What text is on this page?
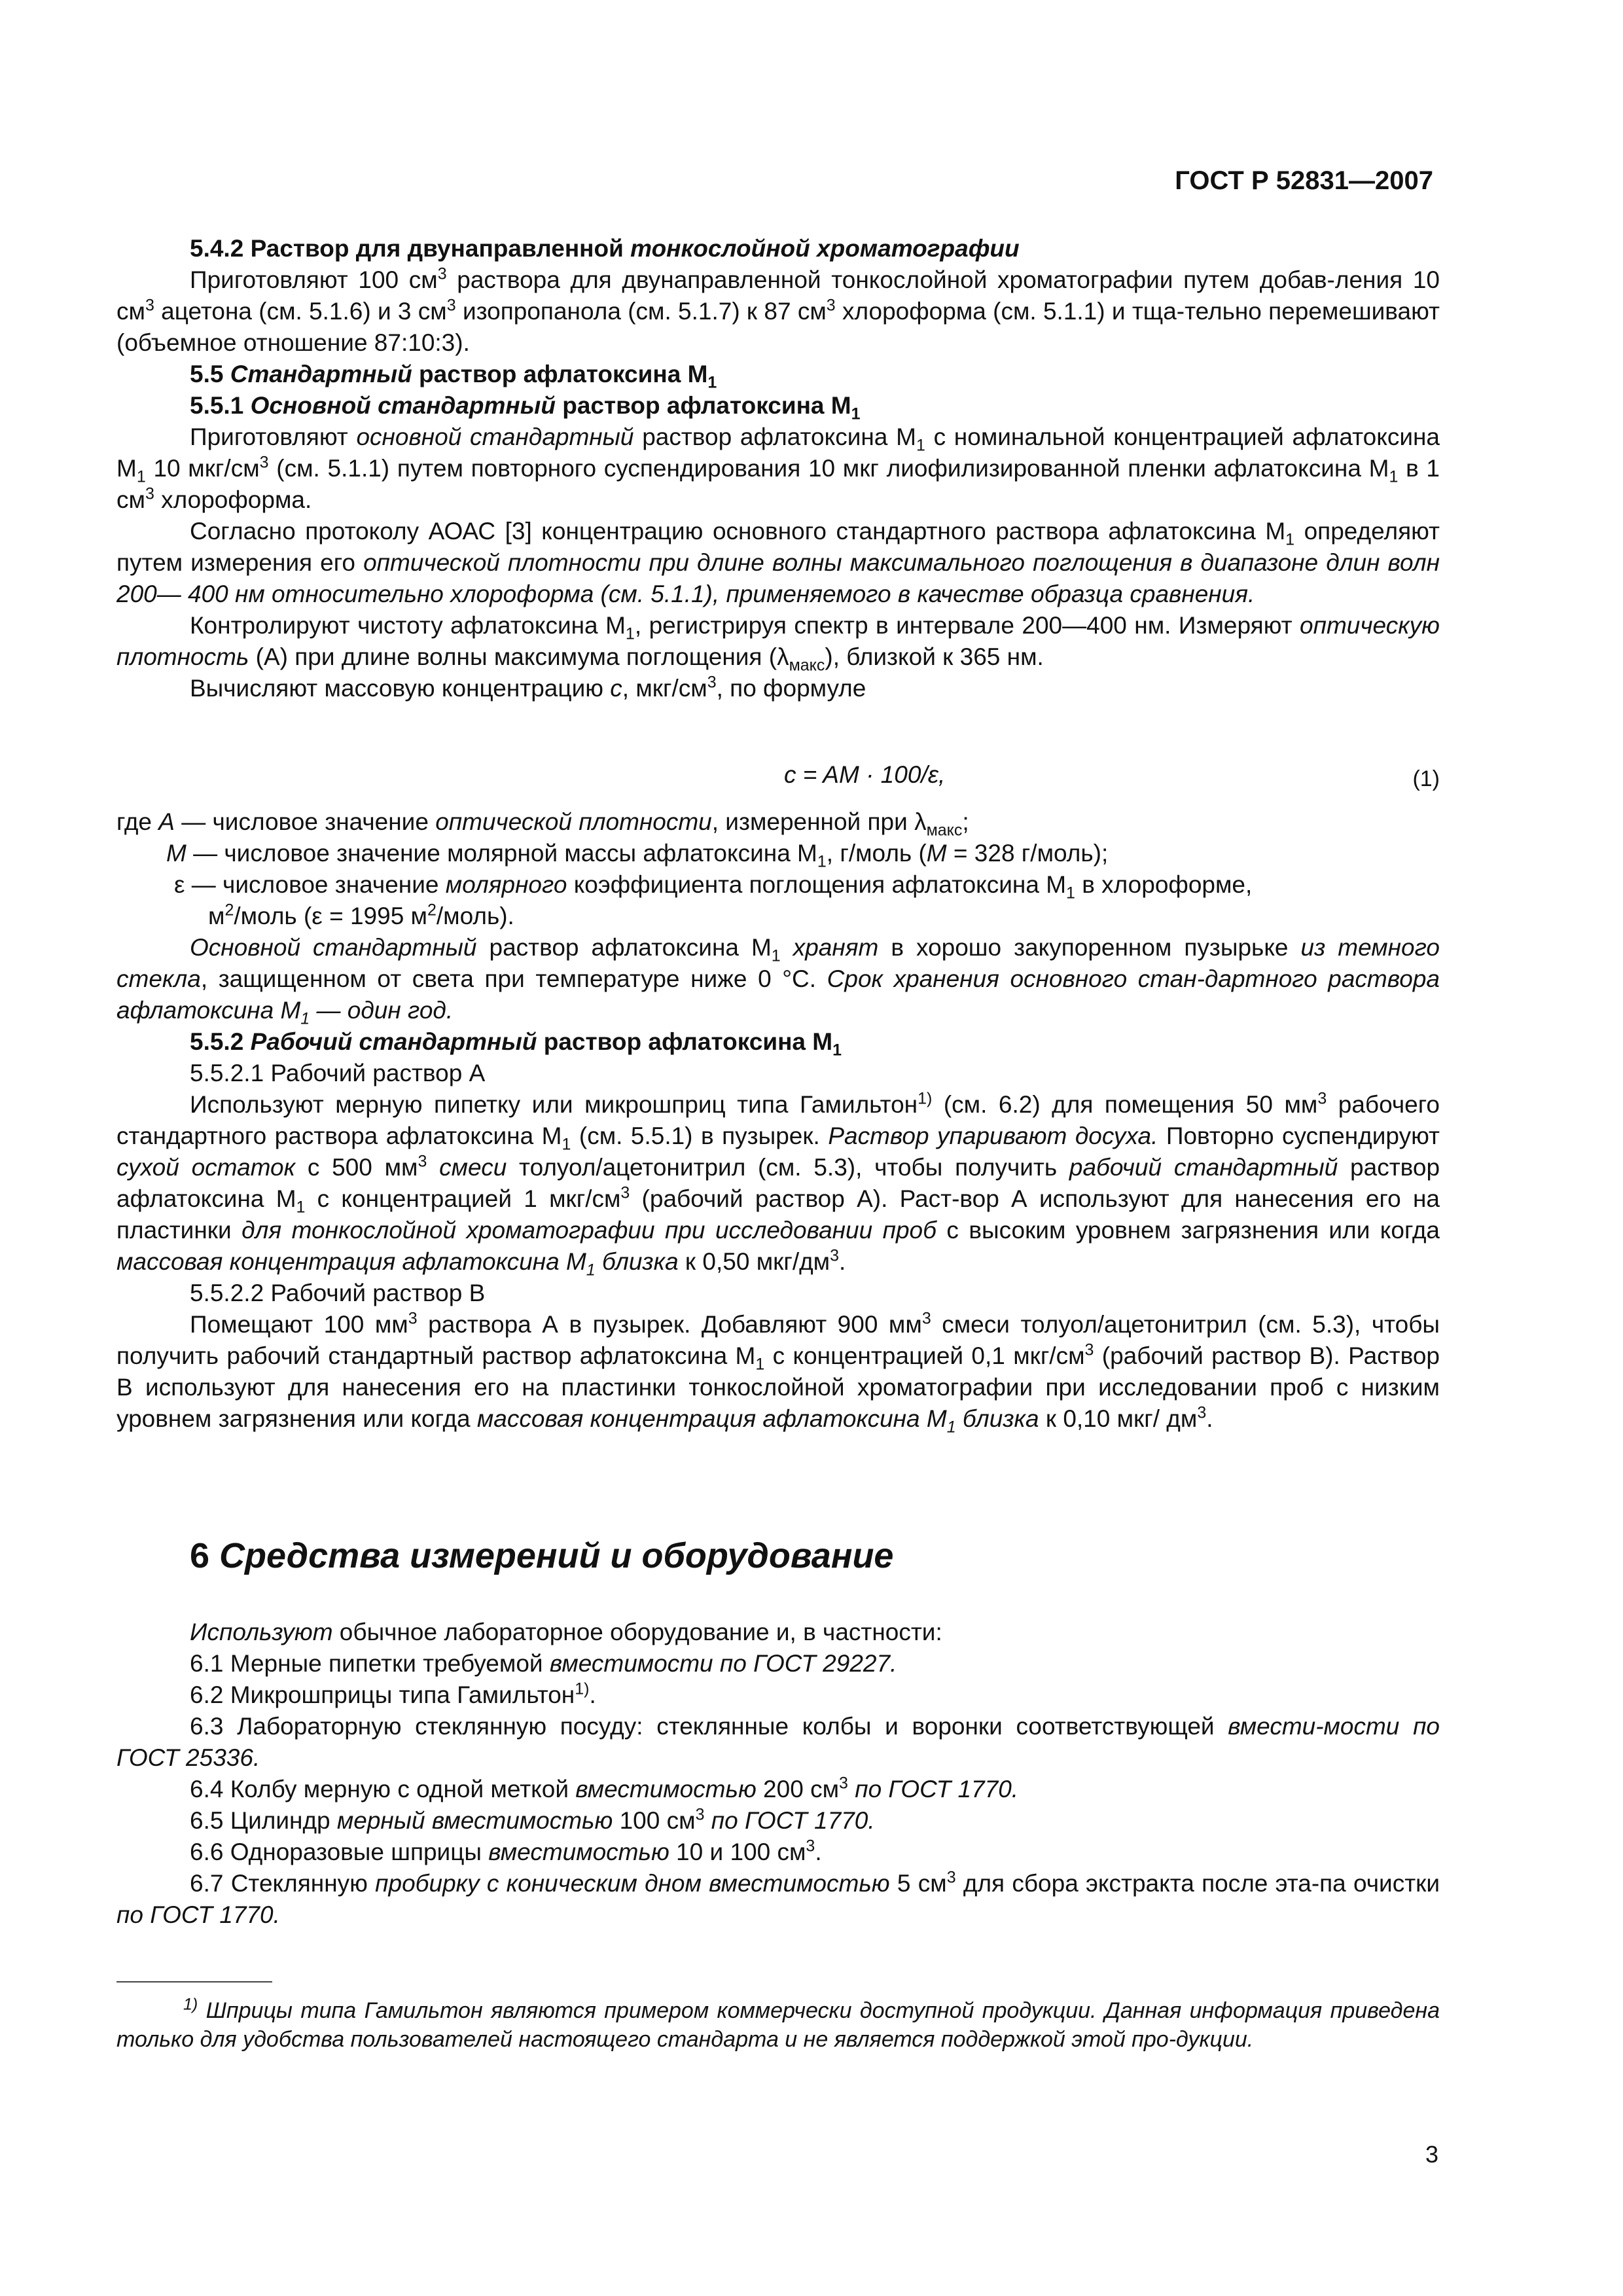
ГОСТ Р 52831—2007

5.4.2 Раствор для двунаправленной тонкослойной хроматографии

Приготовляют 100 $см^3$ раствора для двунаправленной тонкослойной хроматографии путем добав-ления 10 $см^3$ ацетона (см. 5.1.6) и 3 $см^3$ изопропанола (см. 5.1.7) к 87 $см^3$ хлороформа (см. 5.1.1) и тща-тельно перемешивают (объемное отношение 87:10:3).

5.5 Стандартный раствор афлатоксина $М_1$

5.5.1 Основной стандартный раствор афлатоксина $М_1$

Приготовляют основной стандартный раствор афлатоксина $М_1$ с номинальной концентрацией афлатоксина $М_1$ 10 мкг/$см^3$ (см. 5.1.1) путем повторного суспендирования 10 мкг лиофилизированной пленки афлатоксина $М_1$ в 1 $см^3$ хлороформа.

Согласно протоколу АОАС [3] концентрацию основного стандартного раствора афлатоксина $М_1$ определяют путем измерения его оптической плотности при длине волны максимального поглощения в диапазоне длин волн 200— 400 нм относительно хлороформа (см. 5.1.1), применяемого в качестве образца сравнения.

Контролируют чистоту афлатоксина $М_1$, регистрируя спектр в интервале 200—400 нм. Измеряют оптическую плотность (А) при длине волны максимума поглощения $(\lambda_{макс})$, близкой к 365 нм.

Вычисляют массовую концентрацию с, мкг/$см^3$, по формуле

c = AM · 100/ε,	(1)
где А — числовое значение оптической плотности, измеренной при $\lambda_{макс}$;
М — числовое значение молярной массы афлатоксина $М_1$, г/моль (М = 328 г/моль);
ε — числовое значение молярного коэффициента поглощения афлатоксина $М_1$ в хлороформе,
$м^2$/моль (ε = 1995 $м^2/моль$).

Основной стандартный раствор афлатоксина $М_1$ хранят в хорошо закупоренном пузырьке из темного стекла, защищенном от света при температуре ниже 0 °С. Срок хранения основного стан-дартного раствора афлатоксина $М_1$ — один год.

5.5.2 Рабочий стандартный раствор афлатоксина $М_1$

5.5.2.1 Рабочий раствор А

Используют мерную пипетку или микрошприц типа Гамильтон$^{1)}$ (см. 6.2) для помещения 50 $мм^3$ рабочего стандартного раствора афлатоксина $М_1$ (см. 5.5.1) в пузырек. Раствор упаривают досуха. Повторно суспендируют сухой остаток с 500 $мм^3$ смеси толуол/ацетонитрил (см. 5.3), чтобы получить рабочий стандартный раствор афлатоксина $М_1$ с концентрацией 1 мкг/$см^3$ (рабочий раствор А). Раст-вор А используют для нанесения его на пластинки для тонкослойной хроматографии при исследовании проб с высоким уровнем загрязнения или когда массовая концентрация афлатоксина $М_1$ близка к 0,50 мкг/$дм^3$.

5.5.2.2 Рабочий раствор В

Помещают 100 $мм^3$ раствора А в пузырек. Добавляют 900 $мм^3$ смеси толуол/ацетонитрил (см. 5.3), чтобы получить рабочий стандартный раствор афлатоксина $М_1$ с концентрацией 0,1 мкг/$см^3$ (рабочий раствор В). Раствор В используют для нанесения его на пластинки тонкослойной хроматографии при исследовании проб с низким уровнем загрязнения или когда массовая концентрация афлатоксина $М_1$ близка к 0,10 мкг/ $дм^3$.

6 Средства измерений и оборудование

Используют обычное лабораторное оборудование и, в частности:

6.1 Мерные пипетки требуемой вместимости по ГОСТ 29227.

6.2 Микрошприцы типа Гамильтон$^{1)}$.

6.3 Лабораторную стеклянную посуду: стеклянные колбы и воронки соответствующей вмести-мости по ГОСТ 25336.

6.4 Колбу мерную с одной меткой вместимостью 200 $см^3$ по ГОСТ 1770.

6.5 Цилиндр мерный вместимостью 100 $см^3$ по ГОСТ 1770.

6.6 Одноразовые шприцы вместимостью 10 и 100 $см^3$.

6.7 Стеклянную пробирку с коническим дном вместимостью 5 $см^3$ для сбора экстракта после эта-па очистки по ГОСТ 1770.

$^{1)}$ Шприцы типа Гамильтон являются примером коммерчески доступной продукции. Данная информация приведена только для удобства пользователей настоящего стандарта и не является поддержкой этой про-дукции.
3
